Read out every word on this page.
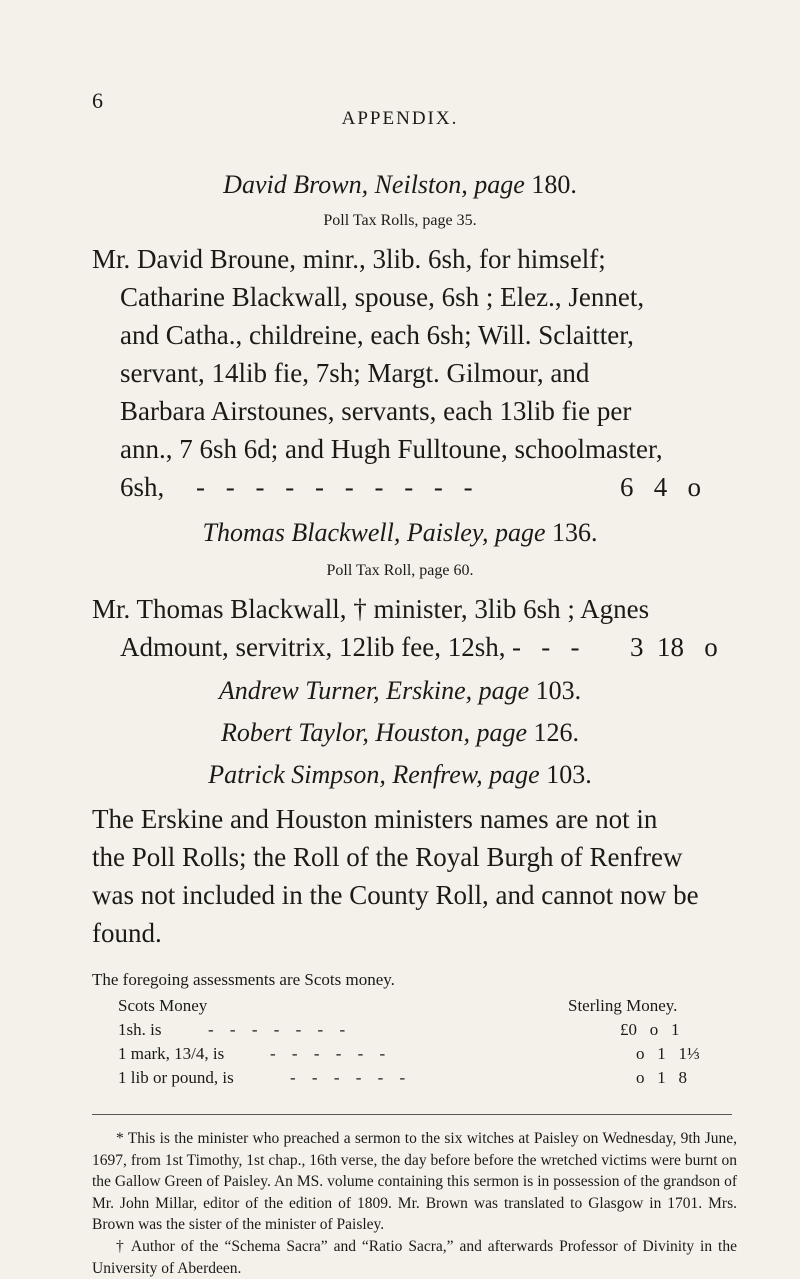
6
APPENDIX.
David Brown, Neilston, page 180.
Poll Tax Rolls, page 35.
Mr. David Broune, minr., 3lib. 6sh, for himself;
Catharine Blackwall, spouse, 6sh ; Elez., Jennet,
and Catha., childreine, each 6sh; Will. Sclaitter,
servant, 14lib fie, 7sh; Margt. Gilmour, and
Barbara Airstounes, servants, each 13lib fie per
ann., 7 6sh 6d; and Hugh Fulltoune, schoolmaster,
6sh, - - - - - - - - - -	6   4   o
Thomas Blackwell, Paisley, page 136.
Poll Tax Roll, page 60.
Mr. Thomas Blackwall, † minister, 3lib 6sh ; Agnes
Admount, servitrix, 12lib fee, 12sh, -   -   - 3  18   o
Andrew Turner, Erskine, page 103.
Robert Taylor, Houston, page 126.
Patrick Simpson, Renfrew, page 103.
The Erskine and Houston ministers names are not in
the Poll Rolls; the Roll of the Royal Burgh of Renfrew
was not included in the County Roll, and cannot now be
found.
The foregoing assessments are Scots money.
Scots Money	Sterling Money.
1sh. is	- - - - - - -	£0   o   1
1 mark, 13/4, is	- - - - - -	o   1   1⅓
1 lib or pound, is	- - - - - -	o   1   8
* This is the minister who preached a sermon to the six witches at Paisley on Wednesday, 9th June, 1697, from 1st Timothy, 1st chap., 16th verse, the day before before the wretched victims were burnt on the Gallow Green of Paisley. An MS. volume containing this sermon is in possession of the grandson of Mr. John Millar, editor of the edition of 1809. Mr. Brown was translated to Glasgow in 1701. Mrs. Brown was the sister of the minister of Paisley.
† Author of the “Schema Sacra” and “Ratio Sacra,” and afterwards Professor of Divinity in the University of Aberdeen.
